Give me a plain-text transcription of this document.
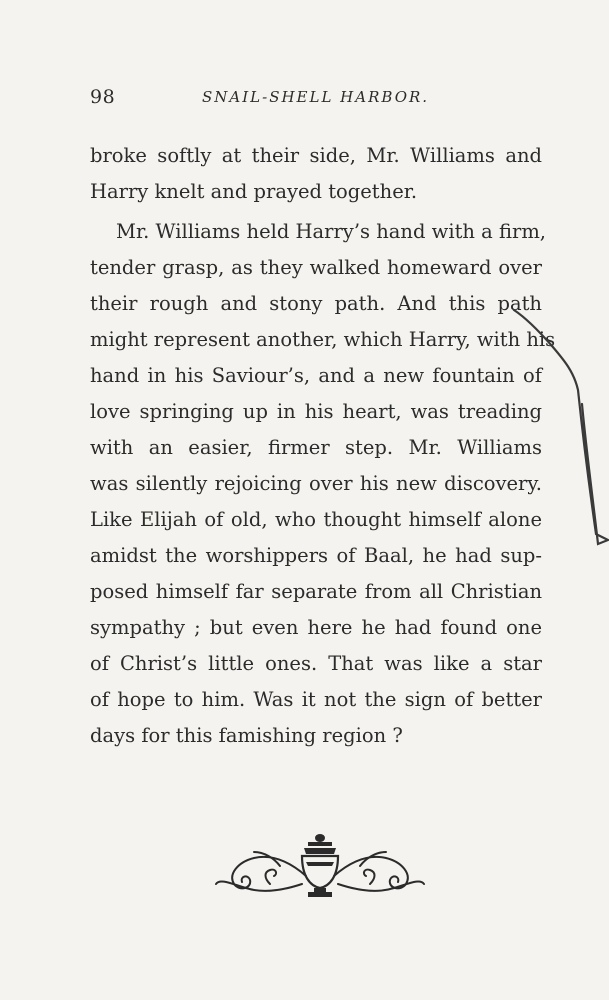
98	SNAIL-SHELL HARBOR.
broke softly at their side, Mr. Williams and
Harry knelt and prayed together.
Mr. Williams held Harry’s hand with a firm,
tender grasp, as they walked homeward over
their rough and stony path. And this path
might represent another, which Harry, with his
hand in his Saviour’s, and a new fountain of
love springing up in his heart, was treading
with an easier, firmer step. Mr. Williams
was silently rejoicing over his new discovery.
Like Elijah of old, who thought himself alone
amidst the worshippers of Baal, he had sup-
posed himself far separate from all Christian
sympathy ; but even here he had found one
of Christ’s little ones. That was like a star
of hope to him. Was it not the sign of better
days for this famishing region ?
